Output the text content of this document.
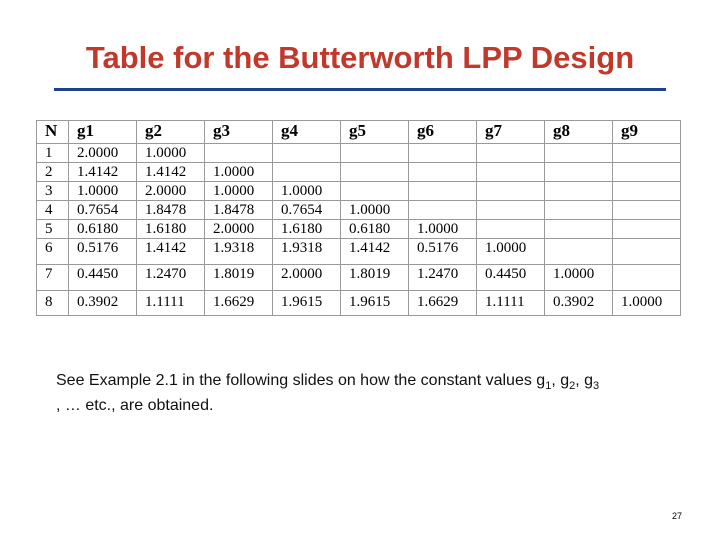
Table for the Butterworth LPP Design
N	g1	g2	g3	g4	g5	g6	g7	g8	g9
1	2.0000	1.0000							
2	1.4142	1.4142	1.0000						
3	1.0000	2.0000	1.0000	1.0000					
4	0.7654	1.8478	1.8478	0.7654	1.0000				
5	0.6180	1.6180	2.0000	1.6180	0.6180	1.0000			
6	0.5176	1.4142	1.9318	1.9318	1.4142	0.5176	1.0000		
7	0.4450	1.2470	1.8019	2.0000	1.8019	1.2470	0.4450	1.0000	
8	0.3902	1.1111	1.6629	1.9615	1.9615	1.6629	1.1111	0.3902	1.0000
See Example 2.1 in the following slides on how the constant values $g_1$, $g_2$, $g_3$
, … etc., are obtained.
27
